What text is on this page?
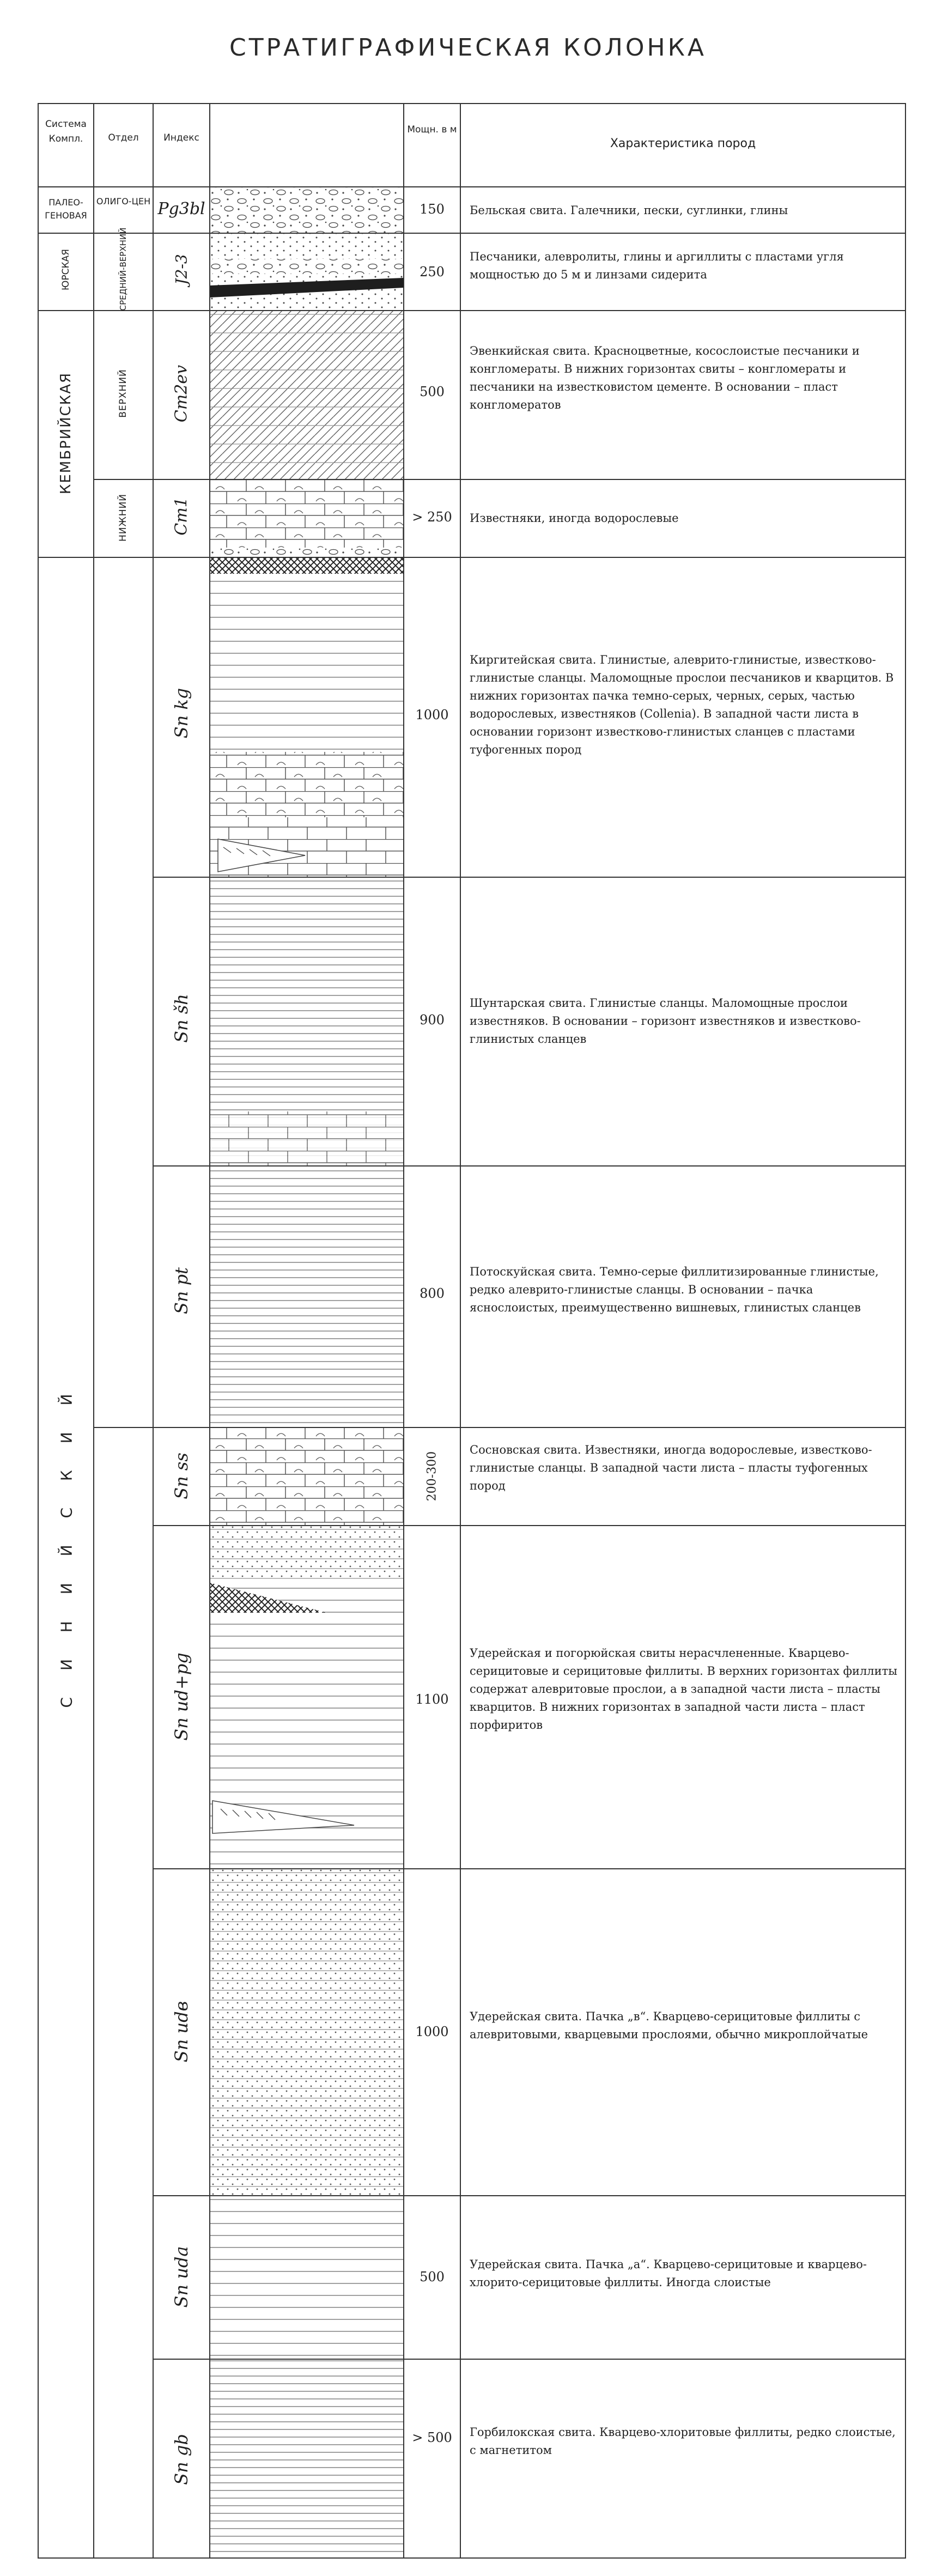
СТРАТИГРАФИЧЕСКАЯ КОЛОНКА
Система Компл.	Отдел	Индекс
Мощн. в м
Характеристика пород
ПАЛЕО-ГЕНОВАЯ
ЮРСКАЯ
КЕМБРИЙСКАЯ
С И Н И Й С К И Й
ОЛИГО-ЦЕН
СРЕДНИЙ-ВЕРХНИЙ
ВЕРХНИЙ
НИЖНИЙ
Pg3bl
J2-3
Cm2ev
Cm1
Sn kg
Sn šh
Sn pt
Sn ss
Sn ud+pg
Sn udв
Sn udа
Sn gb
150
250
500
> 250
1000
900
800
200-300
1100
1000
500
> 500
Бельская свита. Галечники, пески, суглинки, глины
Песчаники, алевролиты, глины и аргиллиты с пластами угля мощностью до 5 м и линзами сидерита
Эвенкийская свита. Красноцветные, косослоистые песчаники и конгломераты. В нижних горизонтах свиты – конгломераты и песчаники на известковистом цементе. В основании – пласт конгломератов
Известняки, иногда водорослевые
Киргитейская свита. Глинистые, алеврито-глинистые, известково-глинистые сланцы. Маломощные прослои песчаников и кварцитов. В нижних горизонтах пачка темно-серых, черных, серых, частью водорослевых, известняков (Collenia). В западной части листа в основании горизонт известково-глинистых сланцев с пластами туфогенных пород
Шунтарская свита. Глинистые сланцы. Маломощные прослои известняков. В основании – горизонт известняков и известково-глинистых сланцев
Потоскуйская свита. Темно-серые филлитизированные глинистые, редко алеврито-глинистые сланцы. В основании – пачка яснослоистых, преимущественно вишневых, глинистых сланцев
Сосновская свита. Известняки, иногда водорослевые, известково-глинистые сланцы. В западной части листа – пласты туфогенных пород
Удерейская и погорюйская свиты нерасчлененные. Кварцево-серицитовые и серицитовые филлиты. В верхних горизонтах филлиты содержат алевритовые прослои, а в западной части листа – пласты кварцитов. В нижних горизонтах в западной части листа – пласт порфиритов
Удерейская свита. Пачка „в“. Кварцево-серицитовые филлиты с алевритовыми, кварцевыми прослоями, обычно микроплойчатые
Удерейская свита. Пачка „а“. Кварцево-серицитовые и кварцево-хлорито-серицитовые филлиты. Иногда слоистые
Горбилокская свита. Кварцево-хлоритовые филлиты, редко слоистые, с магнетитом
